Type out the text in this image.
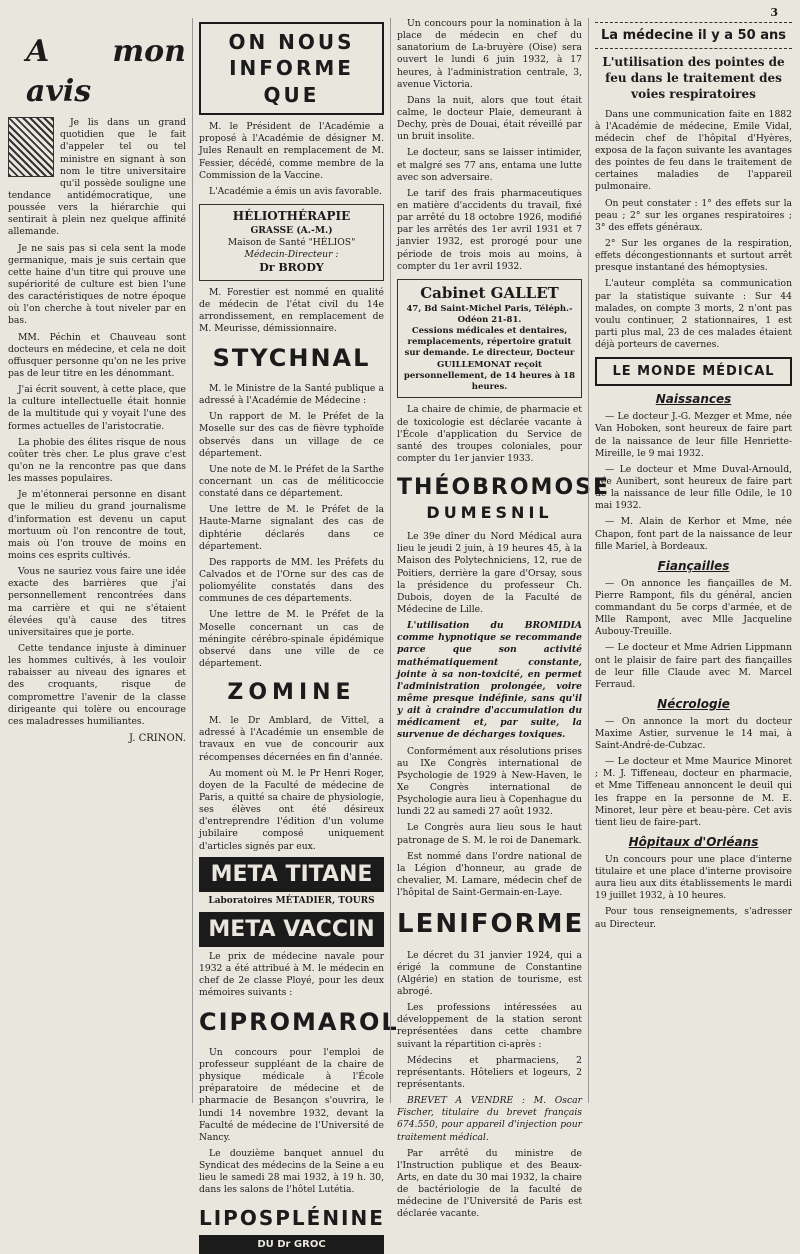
3
A mon avis

Je lis dans un grand quotidien que le fait d'appeler tel ou tel ministre en signant à son nom le titre universitaire qu'il possède souligne une tendance antidémocratique, une poussée vers la hiérarchie qui sentirait à plein nez quelque affinité allemande.

Je ne sais pas si cela sent la mode germanique, mais je suis certain que cette haine d'un titre qui prouve une supériorité de culture est bien l'une des caractéristiques de notre époque où l'on cherche à tout niveler par en bas.

MM. Péchin et Chauveau sont docteurs en médecine, et cela ne doit offusquer personne qu'on ne les prive pas de leur titre en les dénommant.

J'ai écrit souvent, à cette place, que la culture intellectuelle était honnie de la multitude qui y voyait l'une des formes actuelles de l'aristocratie.

La phobie des élites risque de nous coûter très cher. Le plus grave c'est qu'on ne la rencontre pas que dans les masses populaires.

Je m'étonnerai personne en disant que le milieu du grand journalisme d'information est devenu un caput mortuum où l'on rencontre de tout, mais où l'on trouve de moins en moins ces esprits cultivés.

Vous ne sauriez vous faire une idée exacte des barrières que j'ai personnellement rencontrées dans ma carrière et qui ne s'étaient élevées qu'à cause des titres universitaires que je porte.

Cette tendance injuste à diminuer les hommes cultivés, à les vouloir rabaisser au niveau des ignares et des croquants, risque de compromettre l'avenir de la classe dirigeante qui tolère ou encourage ces maladresses humiliantes.

J. CRINON.
ON NOUS INFORME QUE

M. le Président de l'Académie a proposé à l'Académie de désigner M. Jules Renault en remplacement de M. Fessier, décédé, comme membre de la Commission de la Vaccine.

L'Académie a émis un avis favorable.

HÉLIOTHÉRAPIE
GRASSE (A.-M.)
Maison de Santé "HÉLIOS"
Médecin-Directeur :
Dr BRODY

M. Forestier est nommé en qualité de médecin de l'état civil du 14e arrondissement, en remplacement de M. Meurisse, démissionnaire.

STYCHNAL

M. le Ministre de la Santé publique a adressé à l'Académie de Médecine :

Un rapport de M. le Préfet de la Moselle sur des cas de fièvre typhoïde observés dans un village de ce département.

Une note de M. le Préfet de la Sarthe concernant un cas de méliticoccie constaté dans ce département.

Une lettre de M. le Préfet de la Haute-Marne signalant des cas de diphtérie déclarés dans ce département.

Des rapports de MM. les Préfets du Calvados et de l'Orne sur des cas de poliomyélite constatés dans des communes de ces départements.

Une lettre de M. le Préfet de la Moselle concernant un cas de méningite cérébro-spinale épidémique observé dans une ville de ce département.

ZOMINE

M. le Dr Amblard, de Vittel, a adressé à l'Académie un ensemble de travaux en vue de concourir aux récompenses décernées en fin d'année.

Au moment où M. le Pr Henri Roger, doyen de la Faculté de médecine de Paris, a quitté sa chaire de physiologie, ses élèves ont été désireux d'entreprendre l'édition d'un volume jubilaire composé uniquement d'articles signés par eux.

META TITANE
Laboratoires MÉTADIER, TOURS
META VACCIN

Le prix de médecine navale pour 1932 a été attribué à M. le médecin en chef de 2e classe Ployé, pour les deux mémoires suivants :

CIPROMAROL

Un concours pour l'emploi de professeur suppléant de la chaire de physique médicale à l'École préparatoire de médecine et de pharmacie de Besançon s'ouvrira, le lundi 14 novembre 1932, devant la Faculté de médecine de l'Université de Nancy.

Le douzième banquet annuel du Syndicat des médecins de la Seine a eu lieu le samedi 28 mai 1932, à 19 h. 30, dans les salons de l'hôtel Lutétia.

LIPOSPLÉNINE
DU Dr GROC

Un concours pour la nomination à la place de médecin en chef du sanatorium de La-bruyère (Oise) sera ouvert le lundi 6 juin 1932, à 17 heures, à l'administration centrale, 3, avenue Victoria.

Dans la nuit, alors que tout était calme, le docteur Plaie, demeurant à Dechy, près de Douai, était réveillé par un bruit insolite.

Le docteur, sans se laisser intimider, et malgré ses 77 ans, entama une lutte avec son adversaire.

Le tarif des frais pharmaceutiques en matière d'accidents du travail, fixé par arrêté du 18 octobre 1926, modifié par les arrêtés des 1er avril 1931 et 7 janvier 1932, est prorogé pour une période de trois mois au moins, à compter du 1er avril 1932.

Cabinet GALLET
47, Bd Saint-Michel Paris, Téléph.-Odéon 21-81.
Cessions médicales et dentaires, remplacements, répertoire gratuit sur demande. Le directeur, Docteur GUILLEMONAT reçoit personnellement, de 14 heures à 18 heures.

La chaire de chimie, de pharmacie et de toxicologie est déclarée vacante à l'École d'application du Service de santé des troupes coloniales, pour compter du 1er janvier 1933.

THÉOBROMOSE
DUMESNIL

Le 39e dîner du Nord Médical aura lieu le jeudi 2 juin, à 19 heures 45, à la Maison des Polytechniciens, 12, rue de Poitiers, derrière la gare d'Orsay, sous la présidence du professeur Ch. Dubois, doyen de la Faculté de Médecine de Lille.

L'utilisation du BROMIDIA comme hypnotique se recommande parce que son activité mathématiquement constante, jointe à sa non-toxicité, en permet l'administration prolongée, voire même presque indéfinie, sans qu'il y ait à craindre d'accumulation du médicament et, par suite, la survenue de décharges toxiques.

Conformément aux résolutions prises au IXe Congrès international de Psychologie de 1929 à New-Haven, le Xe Congrès international de Psychologie aura lieu à Copenhague du lundi 22 au samedi 27 août 1932.

Le Congrès aura lieu sous le haut patronage de S. M. le roi de Danemark.

Est nommé dans l'ordre national de la Légion d'honneur, au grade de chevalier, M. Lamare, médecin chef de l'hôpital de Saint-Germain-en-Laye.

LENIFORME

Le décret du 31 janvier 1924, qui a érigé la commune de Constantine (Algérie) en station de tourisme, est abrogé.

Les professions intéressées au développement de la station seront représentées dans cette chambre suivant la répartition ci-après :

Médecins et pharmaciens, 2 représentants. Hôteliers et logeurs, 2 représentants.

BREVET A VENDRE : M. Oscar Fischer, titulaire du brevet français 674.550, pour appareil d'injection pour traitement médical.

Par arrêté du ministre de l'Instruction publique et des Beaux-Arts, en date du 30 mai 1932, la chaire de bactériologie de la faculté de médecine de l'Université de Paris est déclarée vacante.

La médecine il y a 50 ans
L'utilisation des pointes de feu dans le traitement des voies respiratoires

Dans une communication faite en 1882 à l'Académie de médecine, Emile Vidal, médecin chef de l'hôpital d'Hyères, exposa de la façon suivante les avantages des pointes de feu dans le traitement de certaines maladies de l'appareil pulmonaire.

On peut constater : 1° des effets sur la peau ; 2° sur les organes respiratoires ; 3° des effets généraux.

2° Sur les organes de la respiration, effets décongestionnants et surtout arrêt presque instantané des hémoptysies.

L'auteur compléta sa communication par la statistique suivante : Sur 44 malades, on compte 3 morts, 2 n'ont pas voulu continuer, 2 stationnaires, 1 est parti plus mal, 23 de ces malades étaient déjà porteurs de cavernes.

LE MONDE MÉDICAL
Naissances

— Le docteur J.-G. Mezger et Mme, née Van Hoboken, sont heureux de faire part de la naissance de leur fille Henriette-Mireille, le 9 mai 1932.

— Le docteur et Mme Duval-Arnould, née Aunibert, sont heureux de faire part de la naissance de leur fille Odile, le 10 mai 1932.

— M. Alain de Kerhor et Mme, née Chapon, font part de la naissance de leur fille Mariel, à Bordeaux.

Fiançailles

— On annonce les fiançailles de M. Pierre Rampont, fils du général, ancien commandant du 5e corps d'armée, et de Mlle Rampont, avec Mlle Jacqueline Aubouy-Treuille.

— Le docteur et Mme Adrien Lippmann ont le plaisir de faire part des fiançailles de leur fille Claude avec M. Marcel Ferraud.

Nécrologie

— On annonce la mort du docteur Maxime Astier, survenue le 14 mai, à Saint-André-de-Cubzac.

— Le docteur et Mme Maurice Minoret ; M. J. Tiffeneau, docteur en pharmacie, et Mme Tiffeneau annoncent le deuil qui les frappe en la personne de M. E. Minoret, leur père et beau-père. Cet avis tient lieu de faire-part.

Hôpitaux d'Orléans

Un concours pour une place d'interne titulaire et une place d'interne provisoire aura lieu aux dits établissements le mardi 19 juillet 1932, à 10 heures.

Pour tous renseignements, s'adresser au Directeur.
